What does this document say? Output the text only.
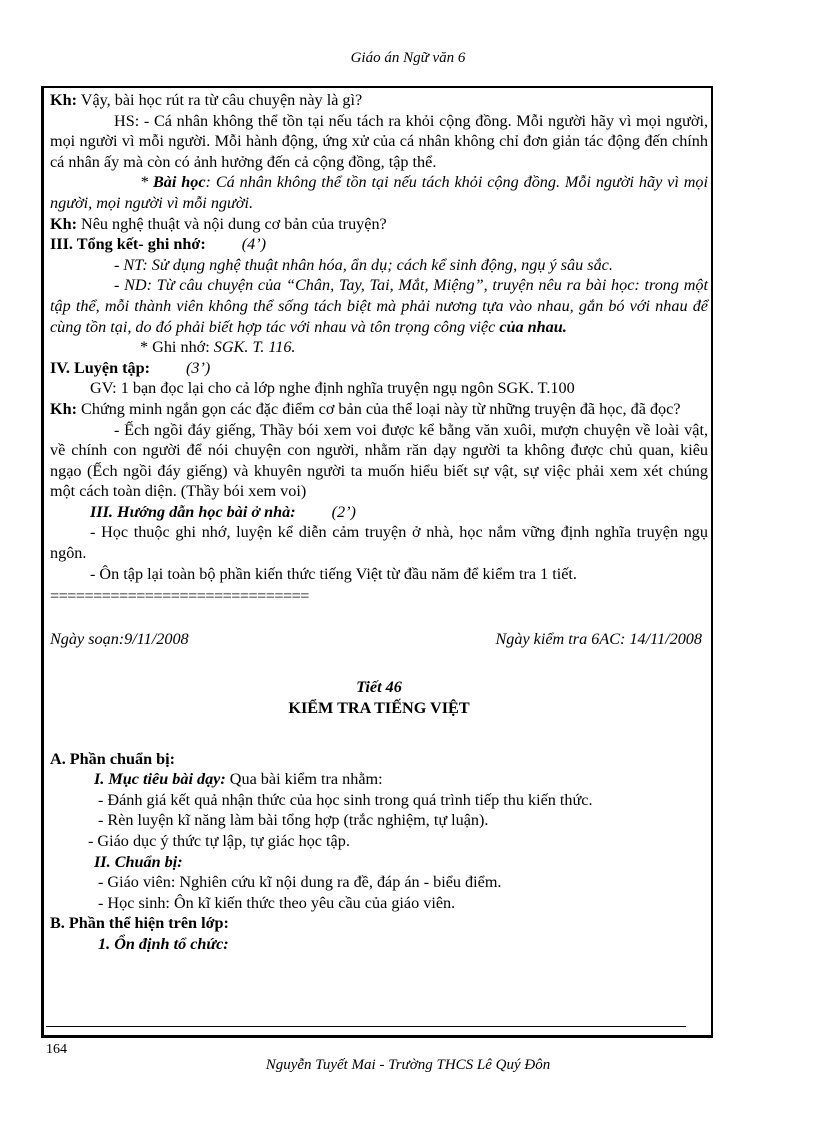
Giáo án Ngữ văn 6

Kh: Vậy, bài học rút ra từ câu chuyện này là gì?

HS: - Cá nhân không thể tồn tại nếu tách ra khỏi cộng đồng. Mỗi người hãy vì mọi người, mọi người vì mỗi người. Mỗi hành động, ứng xử của cá nhân không chỉ đơn giản tác động đến chính cá nhân ấy mà còn có ảnh hưởng đến cả cộng đồng, tập thể.

* Bài học: Cá nhân không thể tồn tại nếu tách khỏi cộng đồng. Mỗi người hãy vì mọi người, mọi người vì mỗi người.

Kh: Nêu nghệ thuật và nội dung cơ bản của truyện?

III. Tổng kết- ghi nhớ: (4’)

- NT: Sử dụng nghệ thuật nhân hóa, ẩn dụ; cách kể sinh động, ngụ ý sâu sắc.

- ND: Từ câu chuyện của “Chân, Tay, Tai, Mắt, Miệng”, truyện nêu ra bài học: trong một tập thể, mỗi thành viên không thể sống tách biệt mà phải nương tựa vào nhau, gắn bó với nhau để cùng tồn tại, do đó phải biết hợp tác với nhau và tôn trọng công việc của nhau.

* Ghi nhớ: SGK. T. 116.

IV. Luyện tập: (3’)

GV: 1 bạn đọc lại cho cả lớp nghe định nghĩa truyện ngụ ngôn SGK. T.100

Kh: Chứng minh ngắn gọn các đặc điểm cơ bản của thể loại này từ những truyện đã học, đã đọc?

- Ếch ngồi đáy giếng, Thầy bói xem voi được kể bằng văn xuôi, mượn chuyện về loài vật, về chính con người để nói chuyện con người, nhằm răn dạy người ta không được chủ quan, kiêu ngạo (Ếch ngồi đáy giếng) và khuyên người ta muốn hiểu biết sự vật, sự việc phải xem xét chúng một cách toàn diện. (Thầy bói xem voi)

III. Hướng dẫn học bài ở nhà: (2’)

- Học thuộc ghi nhớ, luyện kể diễn cảm truyện ở nhà, học nắm vững định nghĩa truyện ngụ ngôn.

- Ôn tập lại toàn bộ phần kiến thức tiếng Việt từ đầu năm để kiểm tra 1 tiết.

==============================

Ngày soạn:9/11/2008	Ngày kiểm tra 6AC: 14/11/2008

Tiết 46

KIỂM TRA TIẾNG VIỆT

A. Phần chuẩn bị:

I. Mục tiêu bài dạy: Qua bài kiểm tra nhằm:

- Đánh giá kết quả nhận thức của học sinh trong quá trình tiếp thu kiến thức.

- Rèn luyện kĩ năng làm bài tổng hợp (trắc nghiệm, tự luận).

- Giáo dục ý thức tự lập, tự giác học tập.

II. Chuẩn bị:

- Giáo viên: Nghiên cứu kĩ nội dung ra đề, đáp án - biểu điểm.

- Học sinh: Ôn kĩ kiến thức theo yêu cầu của giáo viên.

B. Phần thể hiện trên lớp:

1. Ổn định tổ chức:

164
Nguyễn Tuyết Mai - Trường THCS Lê Quý Đôn
